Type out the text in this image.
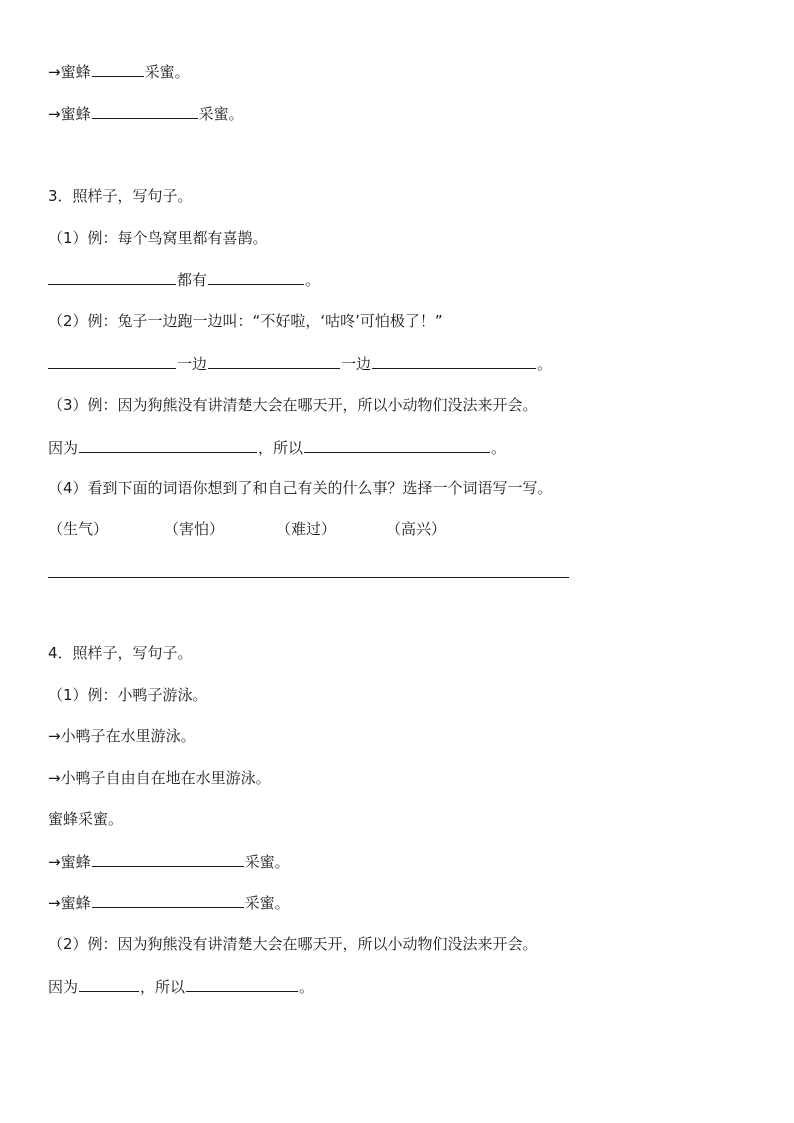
→蜜蜂	采蜜。
→蜜蜂	采蜜。
3．照样子，写句子。
（1）例：每个鸟窝里都有喜鹊。
都有	。
（2）例：兔子一边跑一边叫：“不好啦，‘咕咚’可怕极了！”
一边	一边	。
（3）例：因为狗熊没有讲清楚大会在哪天开，所以小动物们没法来开会。
因为	，所以	。
（4）看到下面的词语你想到了和自己有关的什么事？选择一个词语写一写。
（生气）	（害怕）	（难过）	（高兴）
4．照样子，写句子。
（1）例：小鸭子游泳。
→小鸭子在水里游泳。
→小鸭子自由自在地在水里游泳。
蜜蜂采蜜。
→蜜蜂	采蜜。
→蜜蜂	采蜜。
（2）例：因为狗熊没有讲清楚大会在哪天开，所以小动物们没法来开会。
因为	，所以	。
